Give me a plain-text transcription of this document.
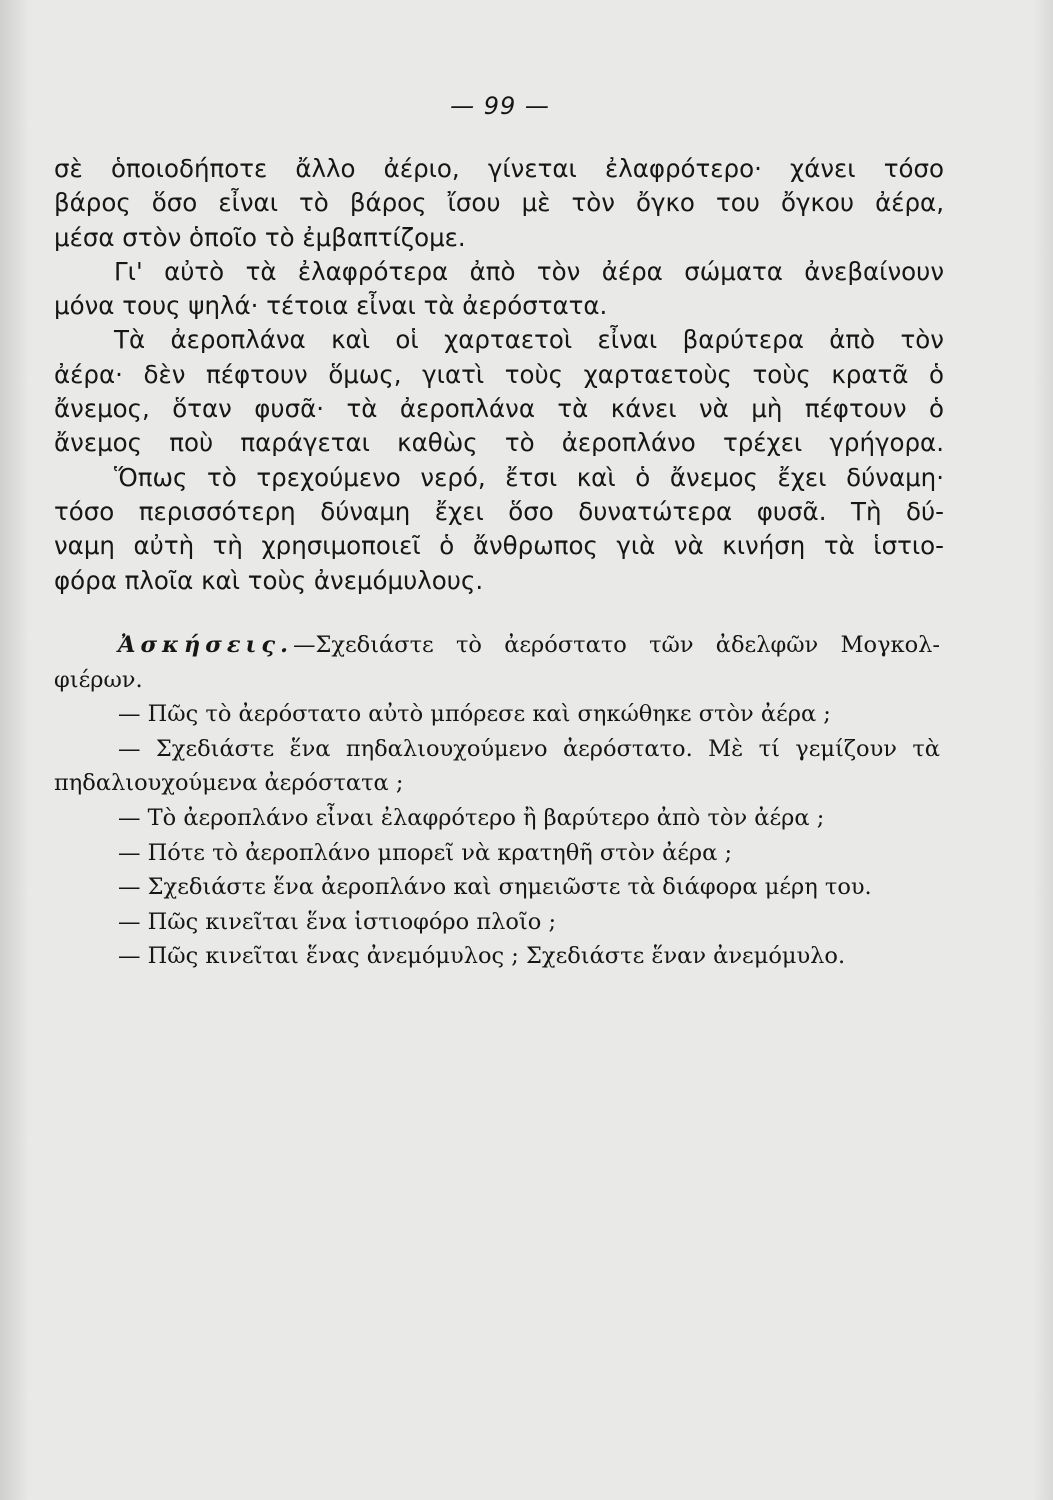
— 99 —
σὲ ὁποιοδήποτε ἄλλο ἀέριο, γίνεται ἐλαφρότερο· χάνει τόσο
βάρος ὅσο εἶναι τὸ βάρος ἴσου μὲ τὸν ὄγκο του ὄγκου ἀέρα,
μέσα στὸν ὁποῖο τὸ ἐμβαπτίζομε.
Γι' αὐτὸ τὰ ἐλαφρότερα ἀπὸ τὸν ἀέρα σώματα ἀνεβαίνουν
μόνα τους ψηλά· τέτοια εἶναι τὰ ἀερόστατα.
Τὰ ἀεροπλάνα καὶ οἱ χαρταετοὶ εἶναι βαρύτερα ἀπὸ τὸν
ἀέρα· δὲν πέφτουν ὅμως, γιατὶ τοὺς χαρταετοὺς τοὺς κρατᾶ ὁ
ἄνεμος, ὅταν φυσᾶ· τὰ ἀεροπλάνα τὰ κάνει νὰ μὴ πέφτουν ὁ
ἄνεμος ποὺ παράγεται καθὼς τὸ ἀεροπλάνο τρέχει γρήγορα.
Ὅπως τὸ τρεχούμενο νερό, ἔτσι καὶ ὁ ἄνεμος ἔχει δύναμη·
τόσο περισσότερη δύναμη ἔχει ὅσο δυνατώτερα φυσᾶ. Τὴ δύ-
ναμη αὐτὴ τὴ χρησιμοποιεῖ ὁ ἄνθρωπος γιὰ νὰ κινήση τὰ ἱστιο-
φόρα πλοῖα καὶ τοὺς ἀνεμόμυλους.
Ἀσκήσεις.—Σχεδιάστε τὸ ἀερόστατο τῶν ἀδελφῶν Μογκολ-
φιέρων.
— Πῶς τὸ ἀερόστατο αὐτὸ μπόρεσε καὶ σηκώθηκε στὸν ἀέρα ;
— Σχεδιάστε ἕνα πηδαλιουχούμενο ἀερόστατο. Μὲ τί γεμίζουν τὰ
πηδαλιουχούμενα ἀερόστατα ;
— Τὸ ἀεροπλάνο εἶναι ἐλαφρότερο ἢ βαρύτερο ἀπὸ τὸν ἀέρα ;
— Πότε τὸ ἀεροπλάνο μπορεῖ νὰ κρατηθῆ στὸν ἀέρα ;
— Σχεδιάστε ἕνα ἀεροπλάνο καὶ σημειῶστε τὰ διάφορα μέρη του.
— Πῶς κινεῖται ἕνα ἱστιοφόρο πλοῖο ;
— Πῶς κινεῖται ἕνας ἀνεμόμυλος ; Σχεδιάστε ἕναν ἀνεμόμυλο.
